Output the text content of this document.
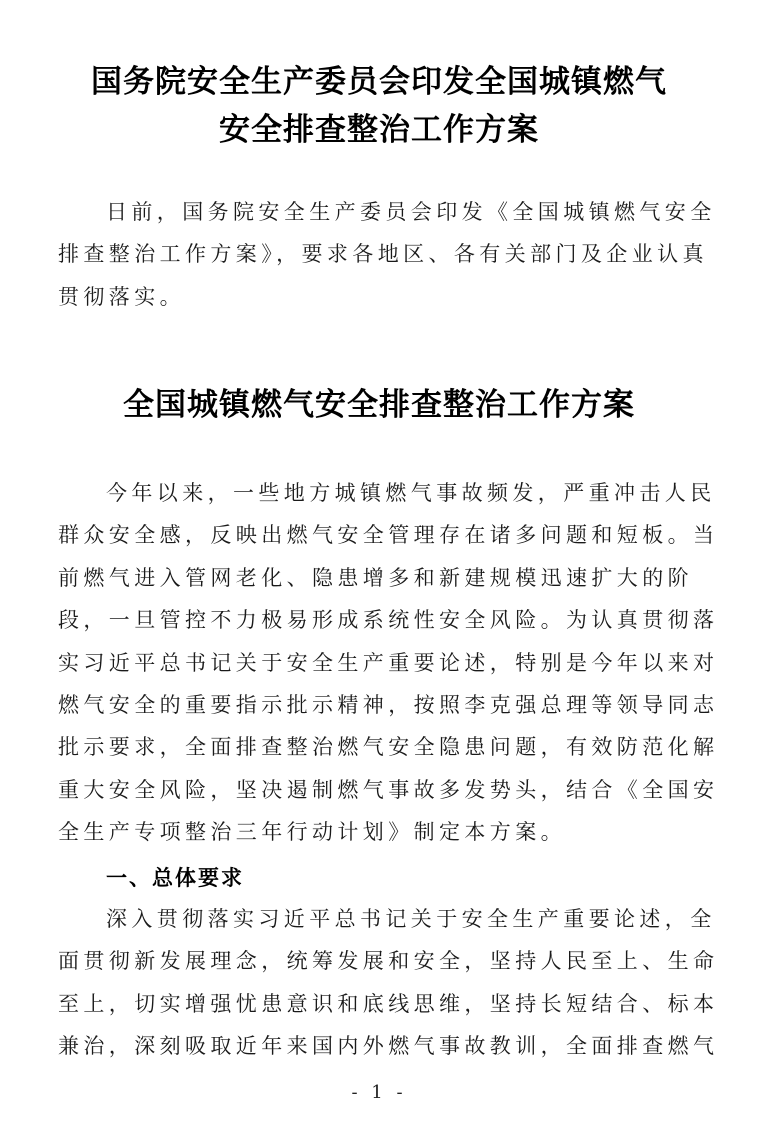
国务院安全生产委员会印发全国城镇燃气
安全排查整治工作方案
日前，国务院安全生产委员会印发《全国城镇燃气安全
排查整治工作方案》，要求各地区、各有关部门及企业认真
贯彻落实。
全国城镇燃气安全排查整治工作方案
今年以来，一些地方城镇燃气事故频发，严重冲击人民
群众安全感，反映出燃气安全管理存在诸多问题和短板。当
前燃气进入管网老化、隐患增多和新建规模迅速扩大的阶
段，一旦管控不力极易形成系统性安全风险。为认真贯彻落
实习近平总书记关于安全生产重要论述，特别是今年以来对
燃气安全的重要指示批示精神，按照李克强总理等领导同志
批示要求，全面排查整治燃气安全隐患问题，有效防范化解
重大安全风险，坚决遏制燃气事故多发势头，结合《全国安
全生产专项整治三年行动计划》制定本方案。
一、总体要求
深入贯彻落实习近平总书记关于安全生产重要论述，全
面贯彻新发展理念，统筹发展和安全，坚持人民至上、生命
至上，切实增强忧患意识和底线思维，坚持长短结合、标本
兼治，深刻吸取近年来国内外燃气事故教训，全面排查燃气
- 1 -
